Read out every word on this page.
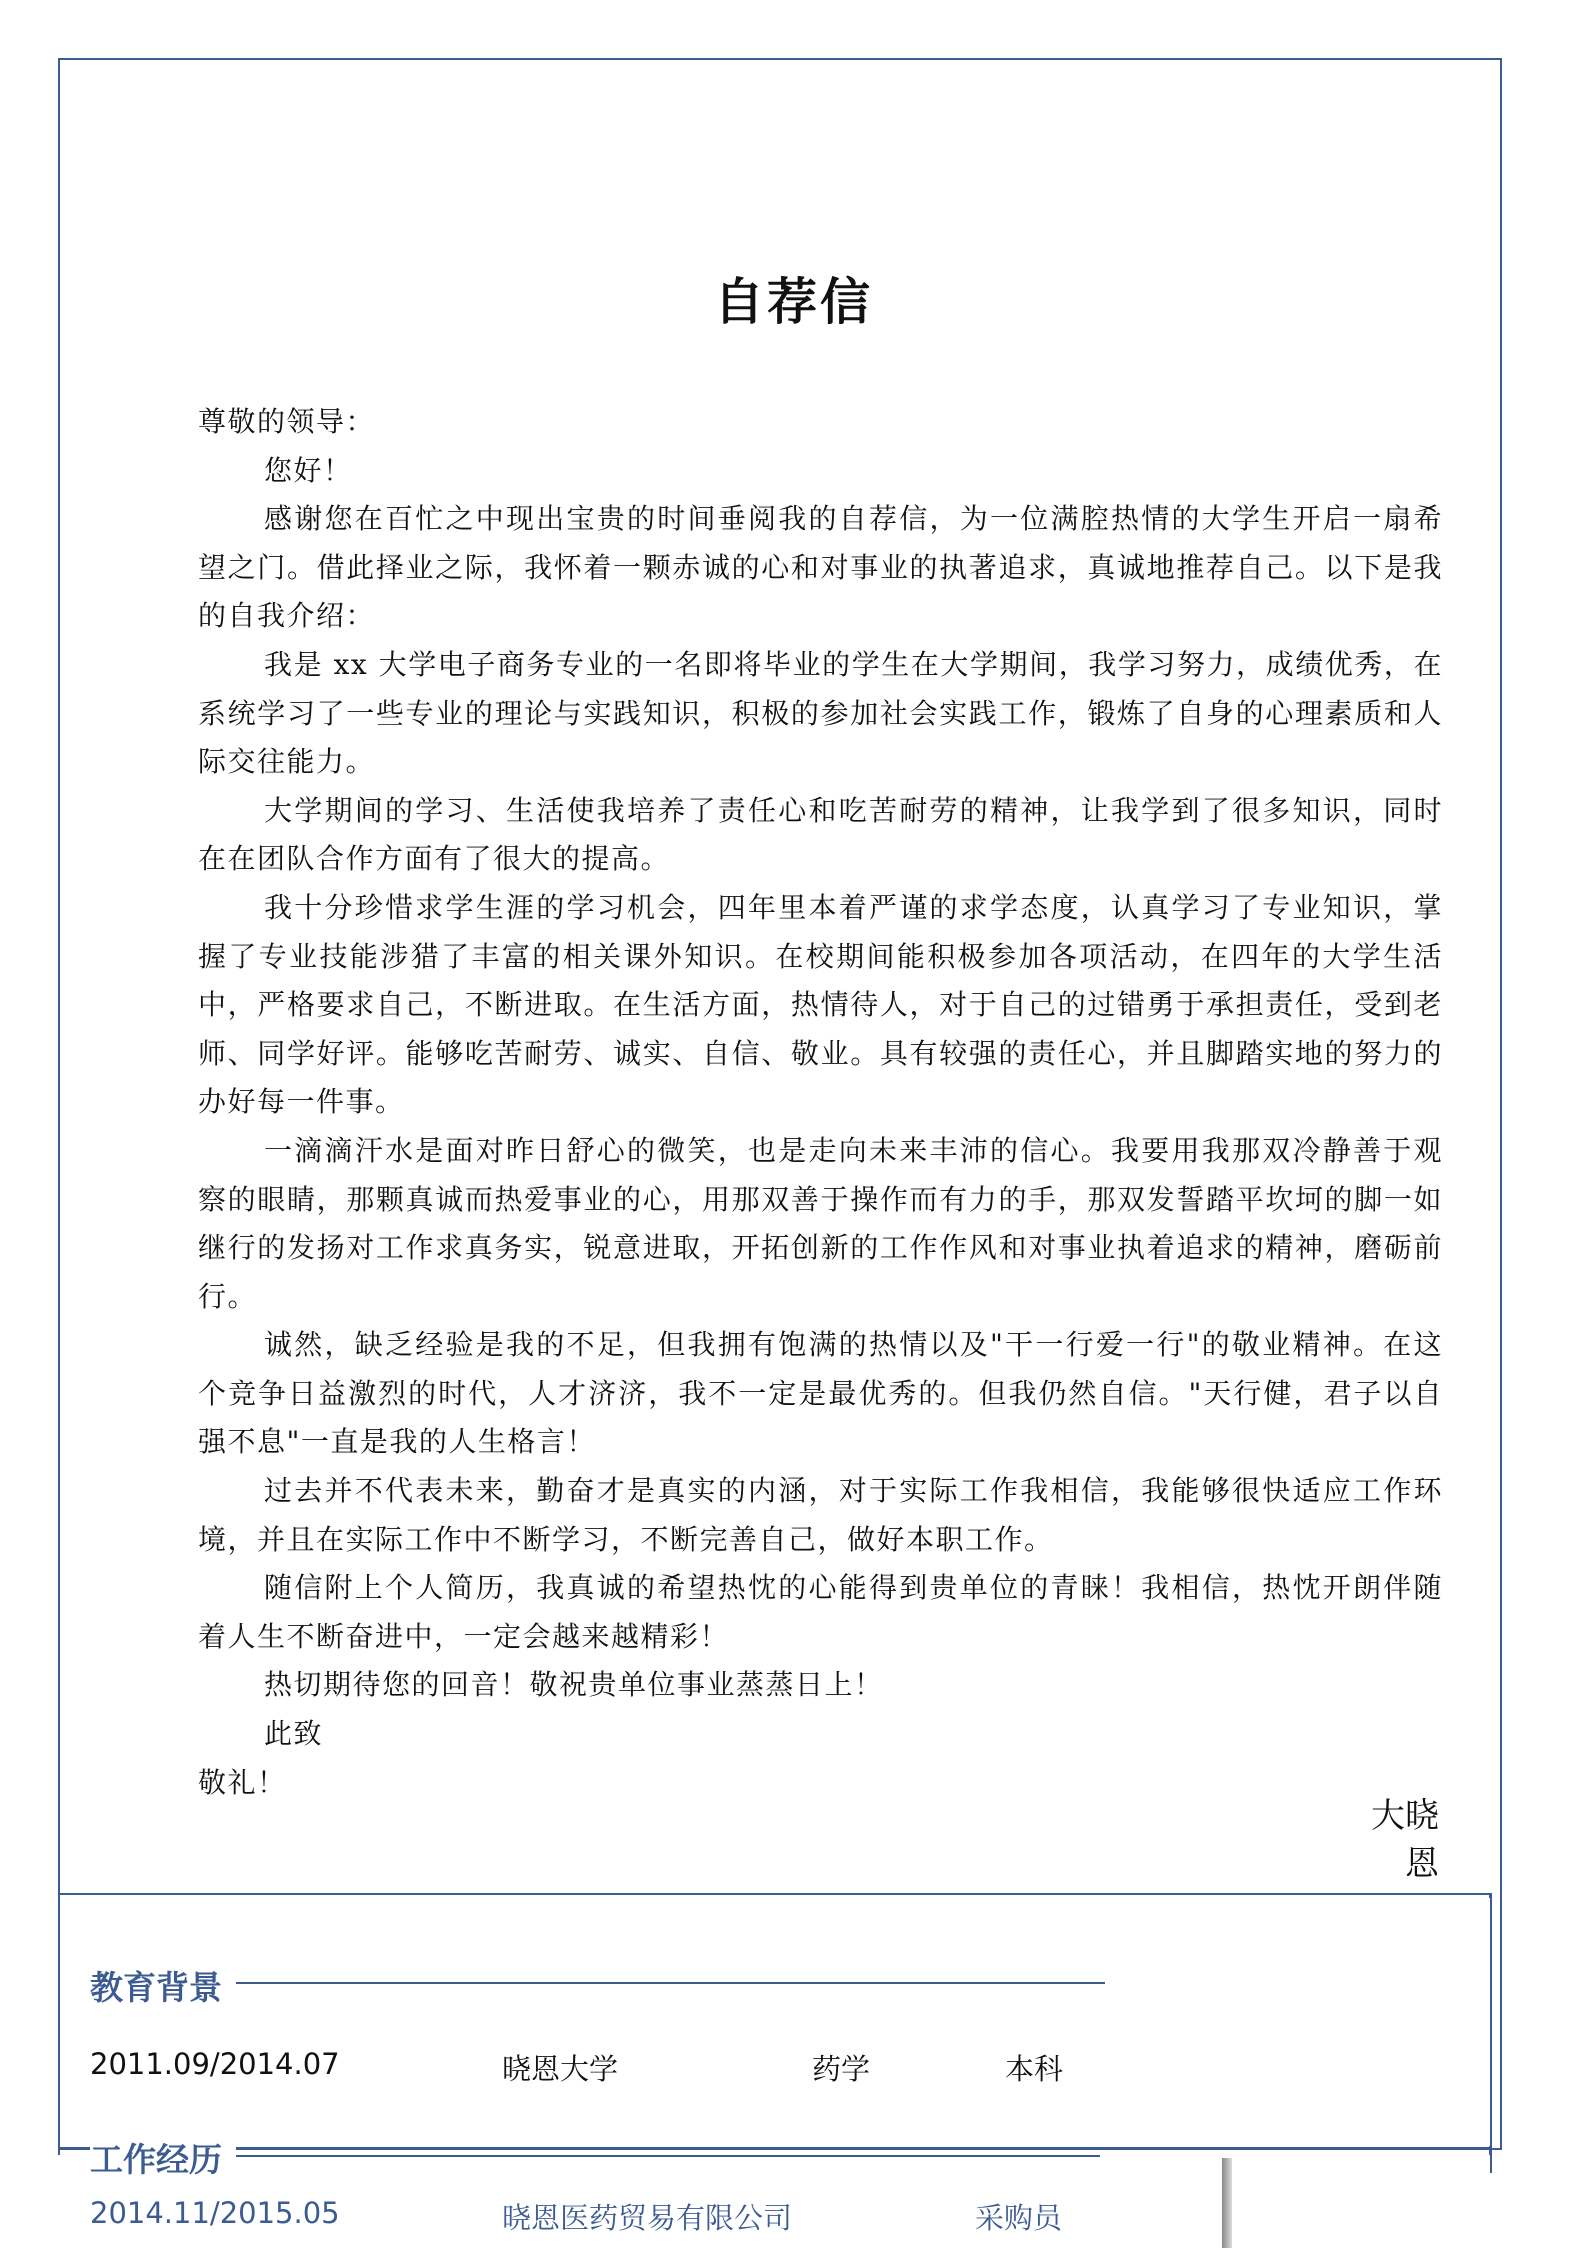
自荐信

尊敬的领导：

您好！

感谢您在百忙之中现出宝贵的时间垂阅我的自荐信，为一位满腔热情的大学生开启一扇希望之门。借此择业之际，我怀着一颗赤诚的心和对事业的执著追求，真诚地推荐自己。以下是我的自我介绍：

我是 xx 大学电子商务专业的一名即将毕业的学生在大学期间，我学习努力，成绩优秀，在系统学习了一些专业的理论与实践知识，积极的参加社会实践工作，锻炼了自身的心理素质和人际交往能力。

大学期间的学习、生活使我培养了责任心和吃苦耐劳的精神，让我学到了很多知识，同时在在团队合作方面有了很大的提高。

我十分珍惜求学生涯的学习机会，四年里本着严谨的求学态度，认真学习了专业知识，掌握了专业技能涉猎了丰富的相关课外知识。在校期间能积极参加各项活动，在四年的大学生活中，严格要求自己，不断进取。在生活方面，热情待人，对于自己的过错勇于承担责任，受到老师、同学好评。能够吃苦耐劳、诚实、自信、敬业。具有较强的责任心，并且脚踏实地的努力的办好每一件事。

一滴滴汗水是面对昨日舒心的微笑，也是走向未来丰沛的信心。我要用我那双冷静善于观察的眼睛，那颗真诚而热爱事业的心，用那双善于操作而有力的手，那双发誓踏平坎坷的脚一如继行的发扬对工作求真务实，锐意进取，开拓创新的工作作风和对事业执着追求的精神，磨砺前行。

诚然，缺乏经验是我的不足，但我拥有饱满的热情以及"干一行爱一行"的敬业精神。在这个竞争日益激烈的时代，人才济济，我不一定是最优秀的。但我仍然自信。"天行健，君子以自强不息"一直是我的人生格言！

过去并不代表未来，勤奋才是真实的内涵，对于实际工作我相信，我能够很快适应工作环境，并且在实际工作中不断学习，不断完善自己，做好本职工作。

随信附上个人简历，我真诚的希望热忱的心能得到贵单位的青睐！我相信，热忱开朗伴随着人生不断奋进中，一定会越来越精彩！

热切期待您的回音！敬祝贵单位事业蒸蒸日上！

此致

敬礼！

大晓
恩
教育背景
2011.09/2014.07	晓恩大学	药学	本科
工作经历
2014.11/2015.05	晓恩医药贸易有限公司	采购员
